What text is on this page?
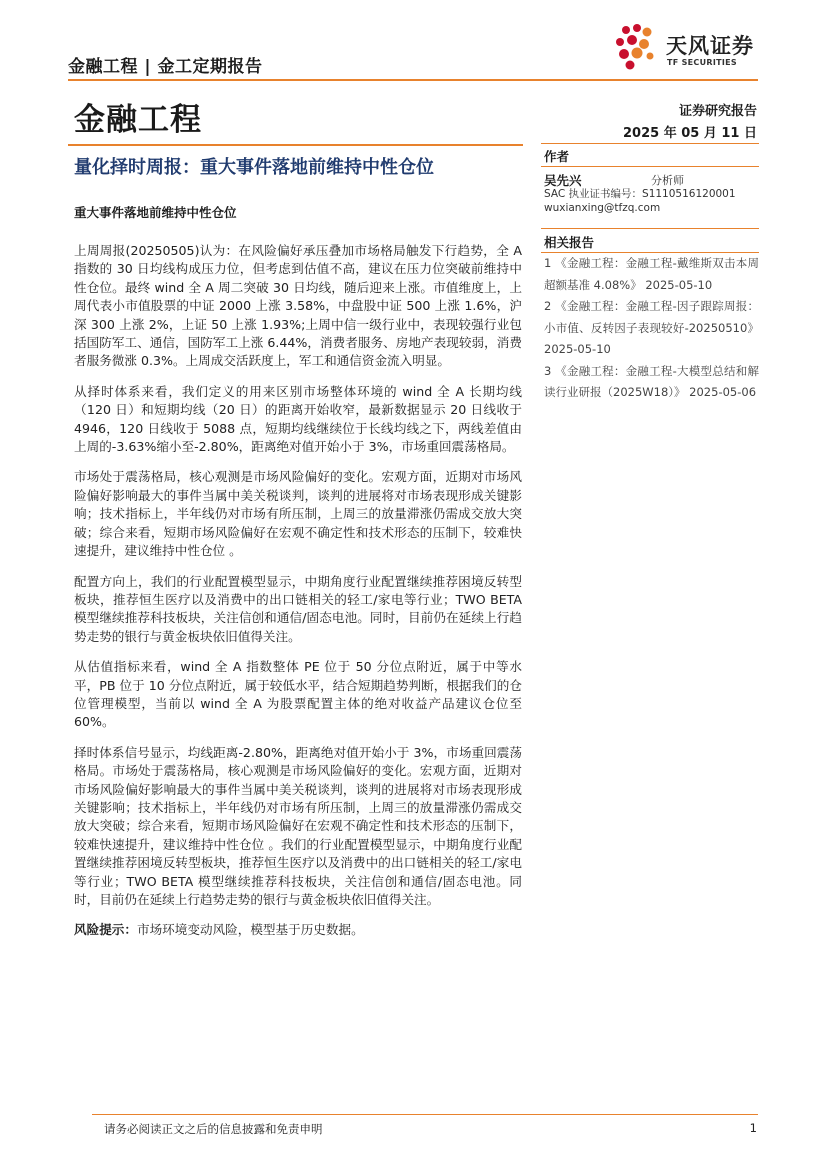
金融工程 | 金工定期报告
天风证券
TF SECURITIES
金融工程	证券研究报告
2025 年 05 月 11 日
量化择时周报：重大事件落地前维持中性仓位
重大事件落地前维持中性仓位

上周周报(20250505)认为：在风险偏好承压叠加市场格局触发下行趋势，全 A 指数的 30 日均线构成压力位，但考虑到估值不高，建议在压力位突破前维持中性仓位。最终 wind 全 A 周二突破 30 日均线，随后迎来上涨。市值维度上，上周代表小市值股票的中证 2000 上涨 3.58%，中盘股中证 500 上涨 1.6%，沪深 300 上涨 2%，上证 50 上涨 1.93%;上周中信一级行业中，表现较强行业包括国防军工、通信，国防军工上涨 6.44%，消费者服务、房地产表现较弱，消费者服务微涨 0.3%。上周成交活跃度上，军工和通信资金流入明显。

从择时体系来看，我们定义的用来区别市场整体环境的 wind 全 A 长期均线（120 日）和短期均线（20 日）的距离开始收窄，最新数据显示 20 日线收于 4946，120 日线收于 5088 点，短期均线继续位于长线均线之下，两线差值由上周的-3.63%缩小至-2.80%，距离绝对值开始小于 3%，市场重回震荡格局。

市场处于震荡格局，核心观测是市场风险偏好的变化。宏观方面，近期对市场风险偏好影响最大的事件当属中美关税谈判，谈判的进展将对市场表现形成关键影响；技术指标上，半年线仍对市场有所压制，上周三的放量滞涨仍需成交放大突破；综合来看，短期市场风险偏好在宏观不确定性和技术形态的压制下，较难快速提升，建议维持中性仓位 。

配置方向上，我们的行业配置模型显示，中期角度行业配置继续推荐困境反转型板块，推荐恒生医疗以及消费中的出口链相关的轻工/家电等行业；TWO BETA 模型继续推荐科技板块，关注信创和通信/固态电池。同时，目前仍在延续上行趋势走势的银行与黄金板块依旧值得关注。

从估值指标来看，wind 全 A 指数整体 PE 位于 50 分位点附近，属于中等水平，PB 位于 10 分位点附近，属于较低水平，结合短期趋势判断，根据我们的仓位管理模型，当前以 wind 全 A 为股票配置主体的绝对收益产品建议仓位至 60%。

择时体系信号显示，均线距离-2.80%，距离绝对值开始小于 3%，市场重回震荡格局。市场处于震荡格局，核心观测是市场风险偏好的变化。宏观方面，近期对市场风险偏好影响最大的事件当属中美关税谈判，谈判的进展将对市场表现形成关键影响；技术指标上，半年线仍对市场有所压制，上周三的放量滞涨仍需成交放大突破；综合来看，短期市场风险偏好在宏观不确定性和技术形态的压制下，较难快速提升，建议维持中性仓位 。我们的行业配置模型显示，中期角度行业配置继续推荐困境反转型板块，推荐恒生医疗以及消费中的出口链相关的轻工/家电等行业；TWO BETA 模型继续推荐科技板块，关注信创和通信/固态电池。同时，目前仍在延续上行趋势走势的银行与黄金板块依旧值得关注。

风险提示：市场环境变动风险，模型基于历史数据。

作者
吴先兴	分析师
SAC 执业证书编号：S1110516120001
wuxianxing@tfzq.com
相关报告
1 《金融工程：金融工程-戴维斯双击本周超额基准 4.08%》 2025-05-10
2 《金融工程：金融工程-因子跟踪周报：小市值、反转因子表现较好-20250510》 2025-05-10
3 《金融工程：金融工程-大模型总结和解读行业研报（2025W18）》 2025-05-06
请务必阅读正文之后的信息披露和免责申明	1
